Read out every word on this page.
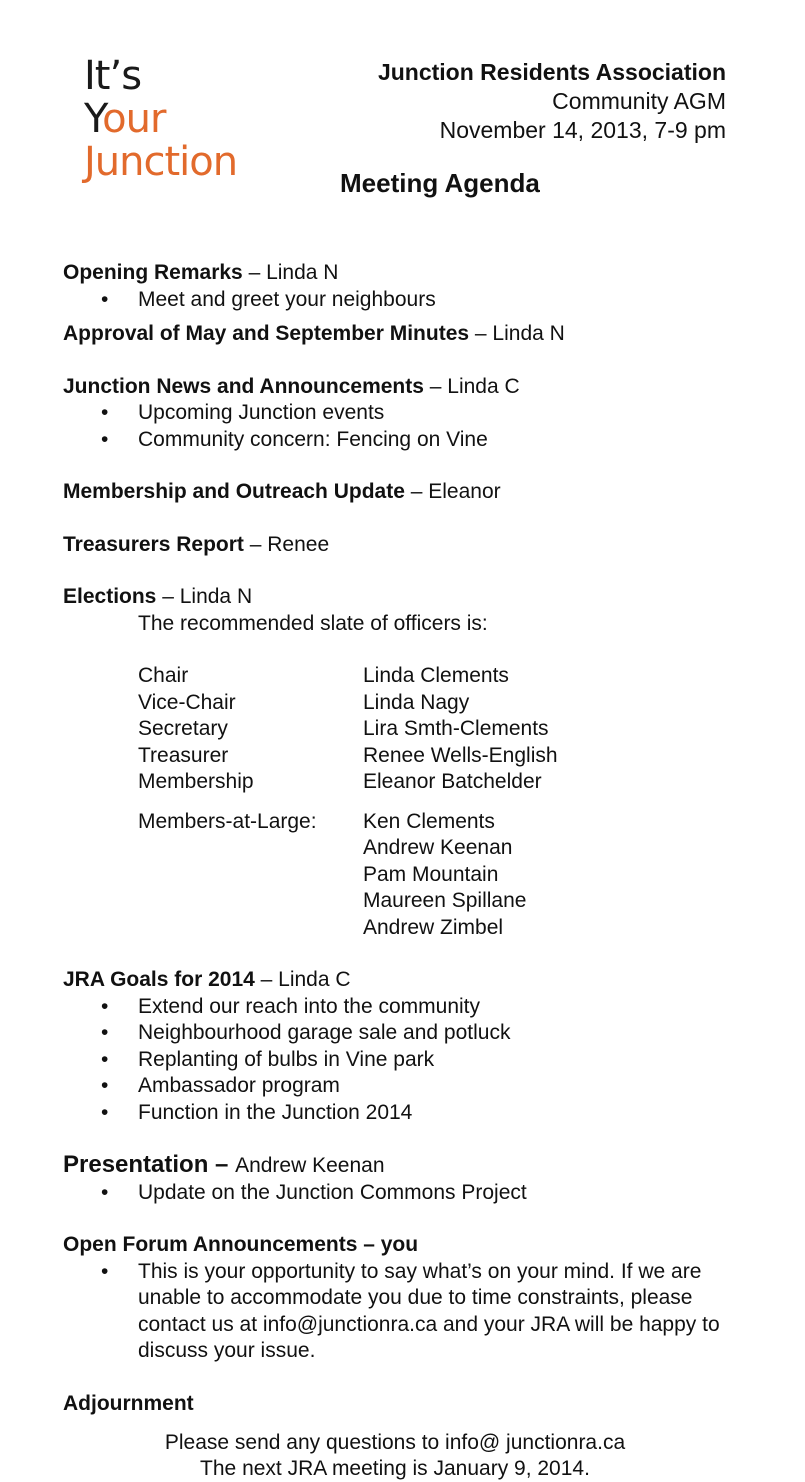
It’s
Your
Junction
Junction Residents Association
Community AGM
November 14, 2013, 7-9 pm
Meeting Agenda

Opening Remarks – Linda N

• Meet and greet your neighbours

Approval of May and September Minutes – Linda N

Junction News and Announcements – Linda C

• Upcoming Junction events
• Community concern: Fencing on Vine

Membership and Outreach Update – Eleanor

Treasurers Report – Renee

Elections – Linda N

The recommended slate of officers is:
Chair	Linda Clements
Vice-Chair	Linda Nagy
Secretary	Lira Smth-Clements
Treasurer	Renee Wells-English
Membership	Eleanor Batchelder

Members-at-Large:	Ken Clements
	Andrew Keenan
	Pam Mountain
	Maureen Spillane
	Andrew Zimbel

JRA Goals for 2014 – Linda C

• Extend our reach into the community
• Neighbourhood garage sale and potluck
• Replanting of bulbs in Vine park
• Ambassador program
• Function in the Junction 2014

Presentation – Andrew Keenan

• Update on the Junction Commons Project

Open Forum Announcements – you

• This is your opportunity to say what’s on your mind. If we are unable to accommodate you due to time constraints, please contact us at info@junctionra.ca and your JRA will be happy to discuss your issue.

Adjournment

Please send any questions to info@ junctionra.ca
The next JRA meeting is January 9, 2014.
